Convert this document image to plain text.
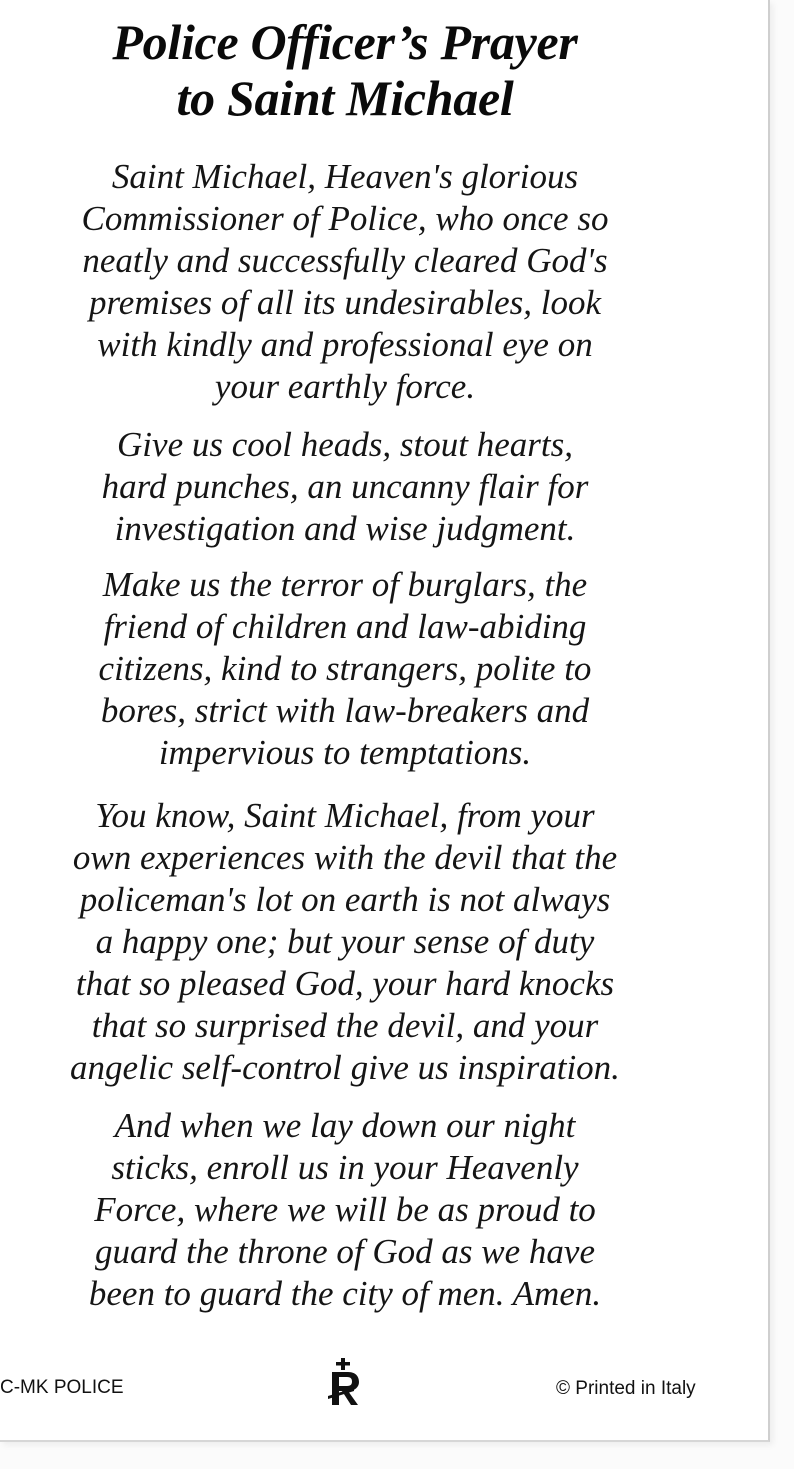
Police Officer’s Prayer
to Saint Michael
Saint Michael, Heaven's glorious
Commissioner of Police, who once so
neatly and successfully cleared God's
premises of all its undesirables, look
with kindly and professional eye on
your earthly force.
Give us cool heads, stout hearts,
hard punches, an uncanny flair for
investigation and wise judgment.
Make us the terror of burglars, the
friend of children and law-abiding
citizens, kind to strangers, polite to
bores, strict with law-breakers and
impervious to temptations.
You know, Saint Michael, from your
own experiences with the devil that the
policeman's lot on earth is not always
a happy one; but your sense of duty
that so pleased God, your hard knocks
that so surprised the devil, and your
angelic self-control give us inspiration.
And when we lay down our night
sticks, enroll us in your Heavenly
Force, where we will be as proud to
guard the throne of God as we have
been to guard the city of men. Amen.
C-MK POLICE	© Printed in Italy
